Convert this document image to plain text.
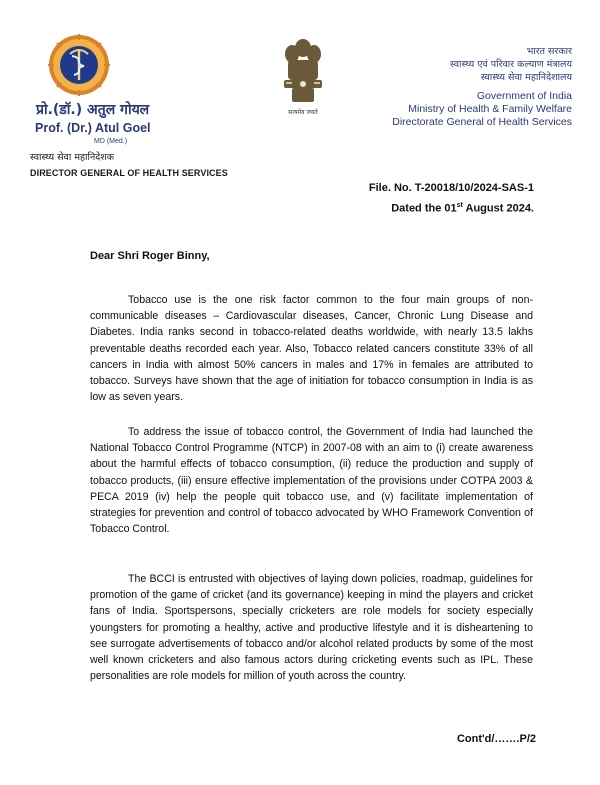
सत्यमेव जयते
प्रो.(डॉ.) अतुल गोयल
Prof. (Dr.) Atul Goel
MD (Med.)
स्वास्थ्य सेवा महानिदेशक
DIRECTOR GENERAL OF HEALTH SERVICES
भारत सरकार
स्वास्थ्य एवं परिवार कल्याण मंत्रालय
स्वास्थ्य सेवा महानिदेशालय
Government of India
Ministry of Health & Family Welfare
Directorate General of Health Services
File. No. T-20018/10/2024-SAS-1
Dated the 01st August 2024.
Dear Shri Roger Binny,

Tobacco use is the one risk factor common to the four main groups of non-communicable diseases – Cardiovascular diseases, Cancer, Chronic Lung Disease and Diabetes. India ranks second in tobacco-related deaths worldwide, with nearly 13.5 lakhs preventable deaths recorded each year. Also, Tobacco related cancers constitute 33% of all cancers in India with almost 50% cancers in males and 17% in females are attributed to tobacco. Surveys have shown that the age of initiation for tobacco consumption in India is as low as seven years.

To address the issue of tobacco control, the Government of India had launched the National Tobacco Control Programme (NTCP) in 2007-08 with an aim to (i) create awareness about the harmful effects of tobacco consumption, (ii) reduce the production and supply of tobacco products, (iii) ensure effective implementation of the provisions under COTPA 2003 & PECA 2019 (iv) help the people quit tobacco use, and (v) facilitate implementation of strategies for prevention and control of tobacco advocated by WHO Framework Convention of Tobacco Control.

The BCCI is entrusted with objectives of laying down policies, roadmap, guidelines for promotion of the game of cricket (and its governance) keeping in mind the players and cricket fans of India. Sportspersons, specially cricketers are role models for society especially youngsters for promoting a healthy, active and productive lifestyle and it is disheartening to see surrogate advertisements of tobacco and/or alcohol related products by some of the most well known cricketers and also famous actors during cricketing events such as IPL. These personalities are role models for million of youth across the country.

Cont'd/…….P/2
